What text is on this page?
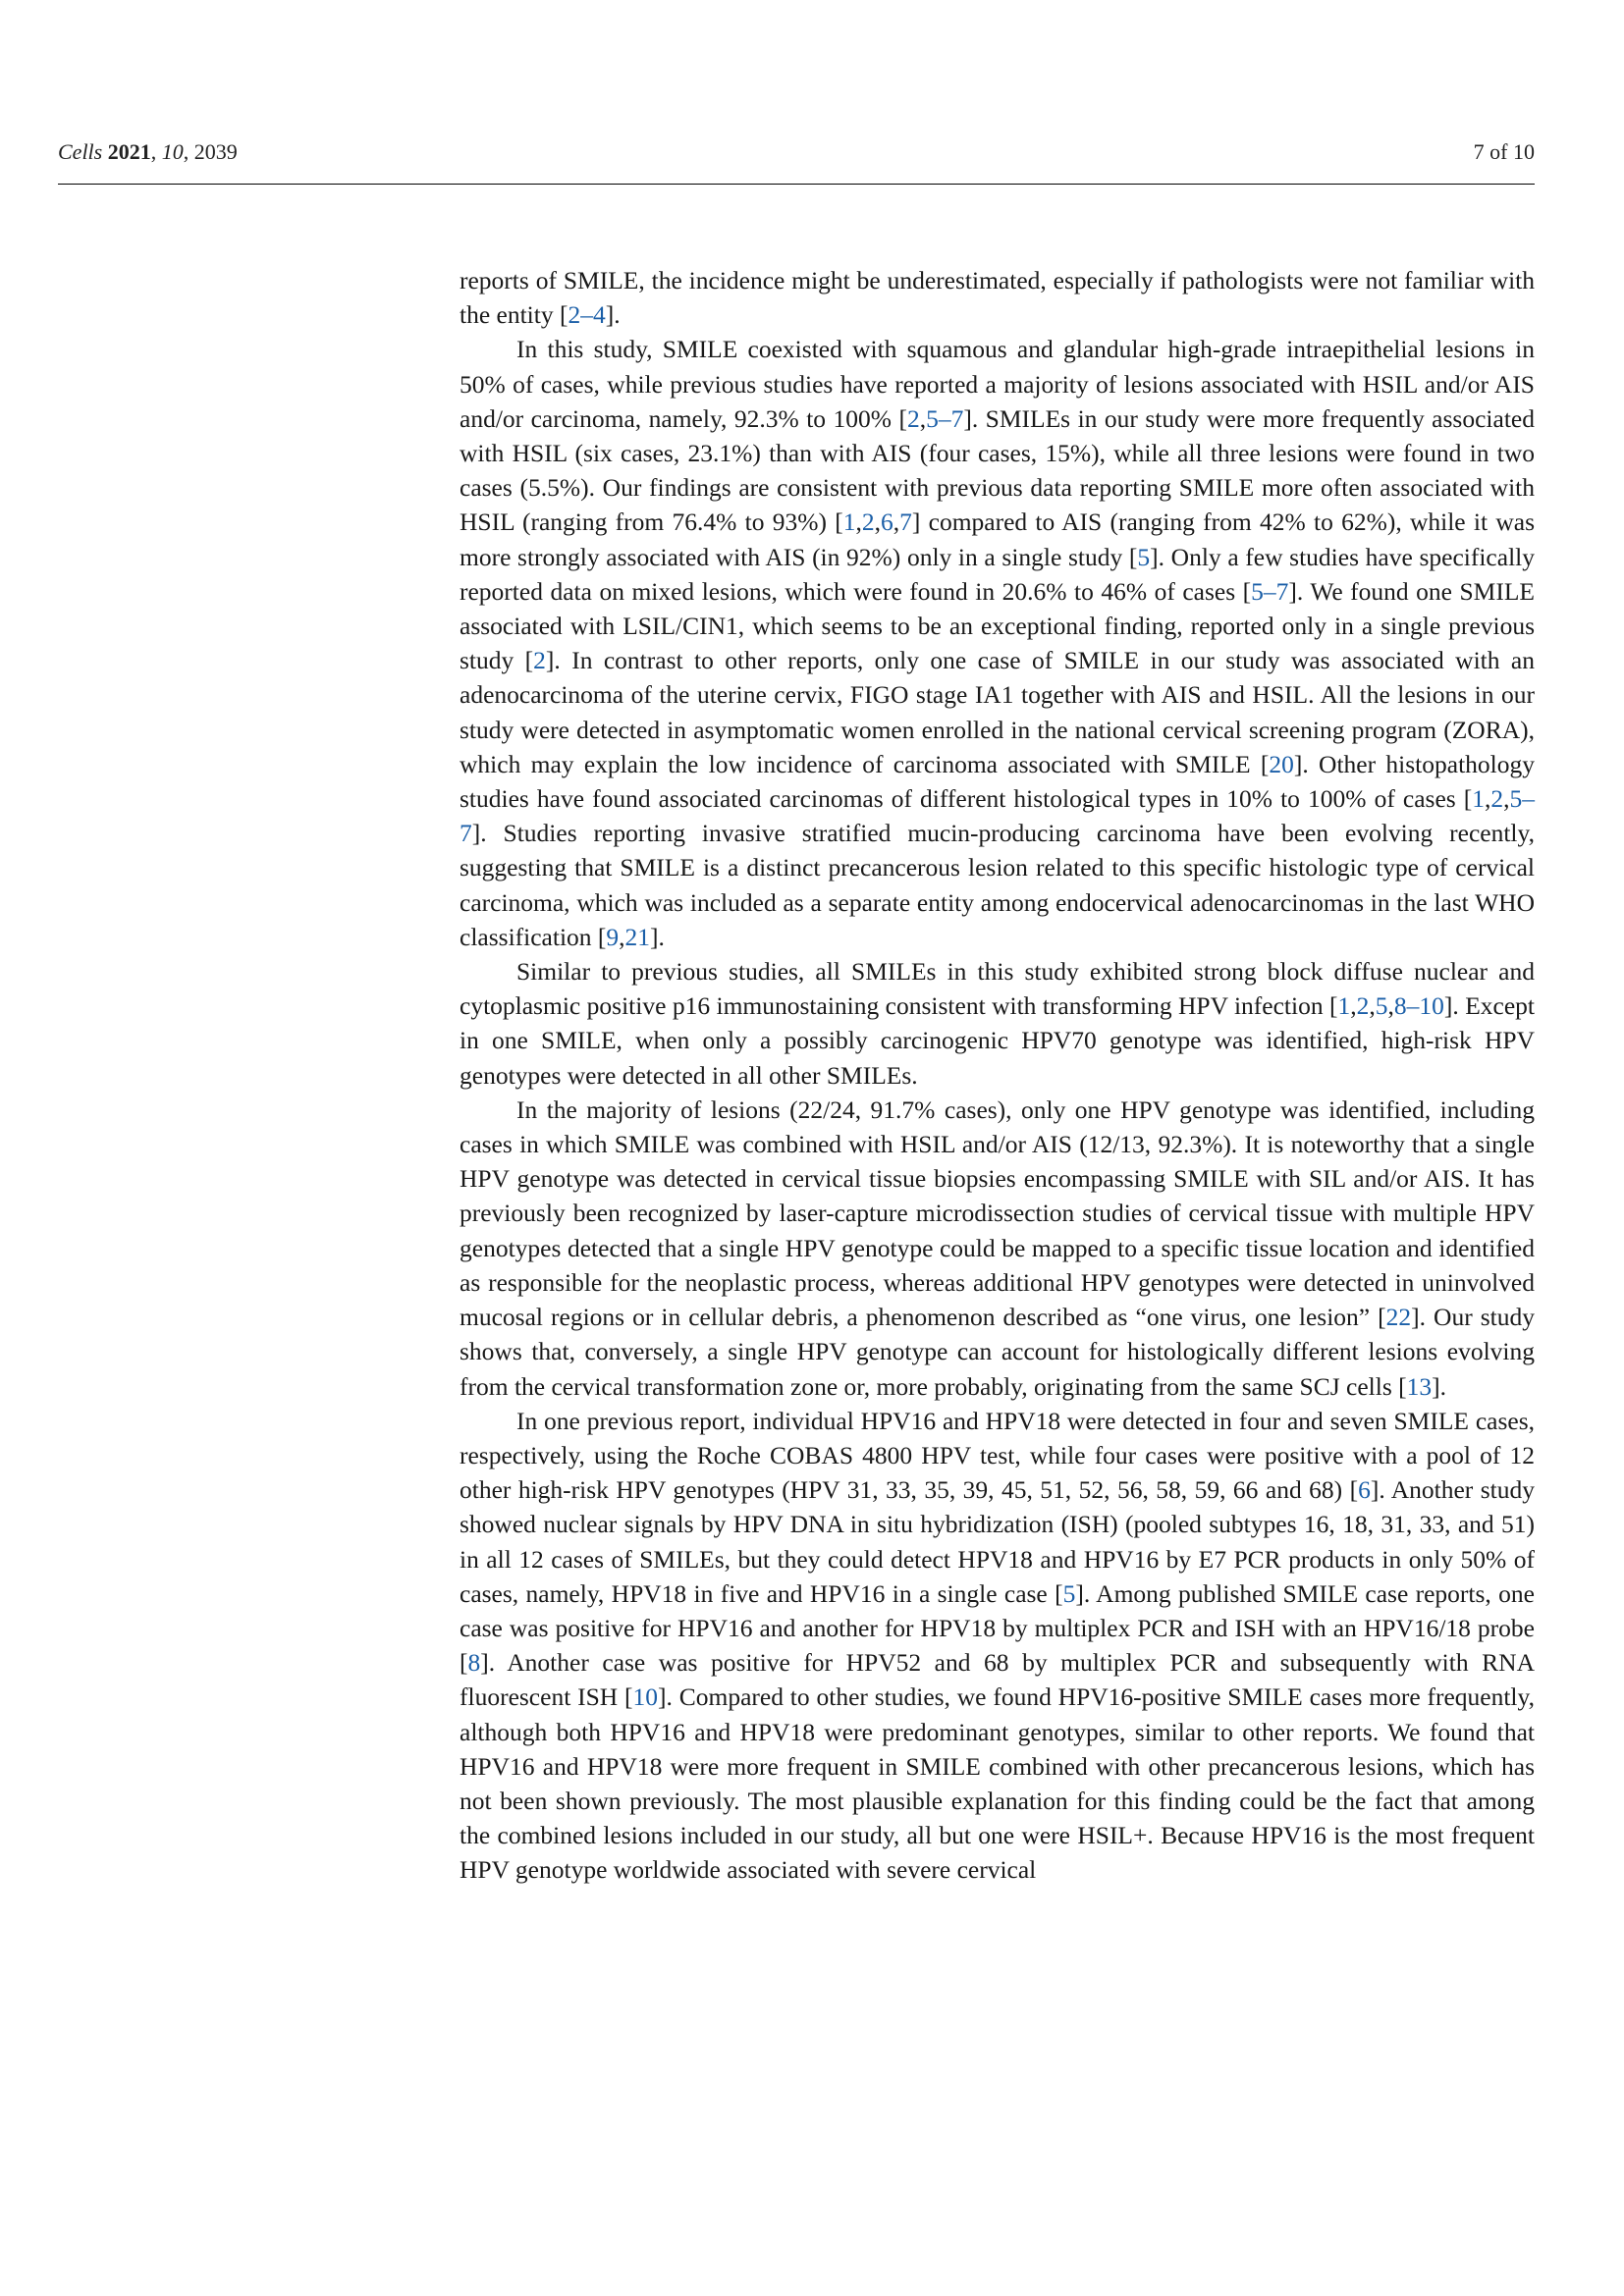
Cells 2021, 10, 2039	7 of 10

reports of SMILE, the incidence might be underestimated, especially if pathologists were not familiar with the entity [2–4].

In this study, SMILE coexisted with squamous and glandular high-grade intraepithelial lesions in 50% of cases, while previous studies have reported a majority of lesions associated with HSIL and/or AIS and/or carcinoma, namely, 92.3% to 100% [2,5–7]. SMILEs in our study were more frequently associated with HSIL (six cases, 23.1%) than with AIS (four cases, 15%), while all three lesions were found in two cases (5.5%). Our findings are consistent with previous data reporting SMILE more often associated with HSIL (ranging from 76.4% to 93%) [1,2,6,7] compared to AIS (ranging from 42% to 62%), while it was more strongly associated with AIS (in 92%) only in a single study [5]. Only a few studies have specifically reported data on mixed lesions, which were found in 20.6% to 46% of cases [5–7]. We found one SMILE associated with LSIL/CIN1, which seems to be an exceptional finding, reported only in a single previous study [2]. In contrast to other reports, only one case of SMILE in our study was associated with an adenocarcinoma of the uterine cervix, FIGO stage IA1 together with AIS and HSIL. All the lesions in our study were detected in asymptomatic women enrolled in the national cervical screening program (ZORA), which may explain the low incidence of carcinoma associated with SMILE [20]. Other histopathology studies have found associated carcinomas of different histological types in 10% to 100% of cases [1,2,5–7]. Studies reporting invasive stratified mucin-producing carcinoma have been evolving recently, suggesting that SMILE is a distinct precancerous lesion related to this specific histologic type of cervical carcinoma, which was included as a separate entity among endocervical adenocarcinomas in the last WHO classification [9,21].

Similar to previous studies, all SMILEs in this study exhibited strong block diffuse nuclear and cytoplasmic positive p16 immunostaining consistent with transforming HPV infection [1,2,5,8–10]. Except in one SMILE, when only a possibly carcinogenic HPV70 genotype was identified, high-risk HPV genotypes were detected in all other SMILEs.

In the majority of lesions (22/24, 91.7% cases), only one HPV genotype was identified, including cases in which SMILE was combined with HSIL and/or AIS (12/13, 92.3%). It is noteworthy that a single HPV genotype was detected in cervical tissue biopsies encompassing SMILE with SIL and/or AIS. It has previously been recognized by laser-capture microdissection studies of cervical tissue with multiple HPV genotypes detected that a single HPV genotype could be mapped to a specific tissue location and identified as responsible for the neoplastic process, whereas additional HPV genotypes were detected in uninvolved mucosal regions or in cellular debris, a phenomenon described as “one virus, one lesion” [22]. Our study shows that, conversely, a single HPV genotype can account for histologically different lesions evolving from the cervical transformation zone or, more probably, originating from the same SCJ cells [13].

In one previous report, individual HPV16 and HPV18 were detected in four and seven SMILE cases, respectively, using the Roche COBAS 4800 HPV test, while four cases were positive with a pool of 12 other high-risk HPV genotypes (HPV 31, 33, 35, 39, 45, 51, 52, 56, 58, 59, 66 and 68) [6]. Another study showed nuclear signals by HPV DNA in situ hybridization (ISH) (pooled subtypes 16, 18, 31, 33, and 51) in all 12 cases of SMILEs, but they could detect HPV18 and HPV16 by E7 PCR products in only 50% of cases, namely, HPV18 in five and HPV16 in a single case [5]. Among published SMILE case reports, one case was positive for HPV16 and another for HPV18 by multiplex PCR and ISH with an HPV16/18 probe [8]. Another case was positive for HPV52 and 68 by multiplex PCR and subsequently with RNA fluorescent ISH [10]. Compared to other studies, we found HPV16-positive SMILE cases more frequently, although both HPV16 and HPV18 were predominant genotypes, similar to other reports. We found that HPV16 and HPV18 were more frequent in SMILE combined with other precancerous lesions, which has not been shown previously. The most plausible explanation for this finding could be the fact that among the combined lesions included in our study, all but one were HSIL+. Because HPV16 is the most frequent HPV genotype worldwide associated with severe cervical
